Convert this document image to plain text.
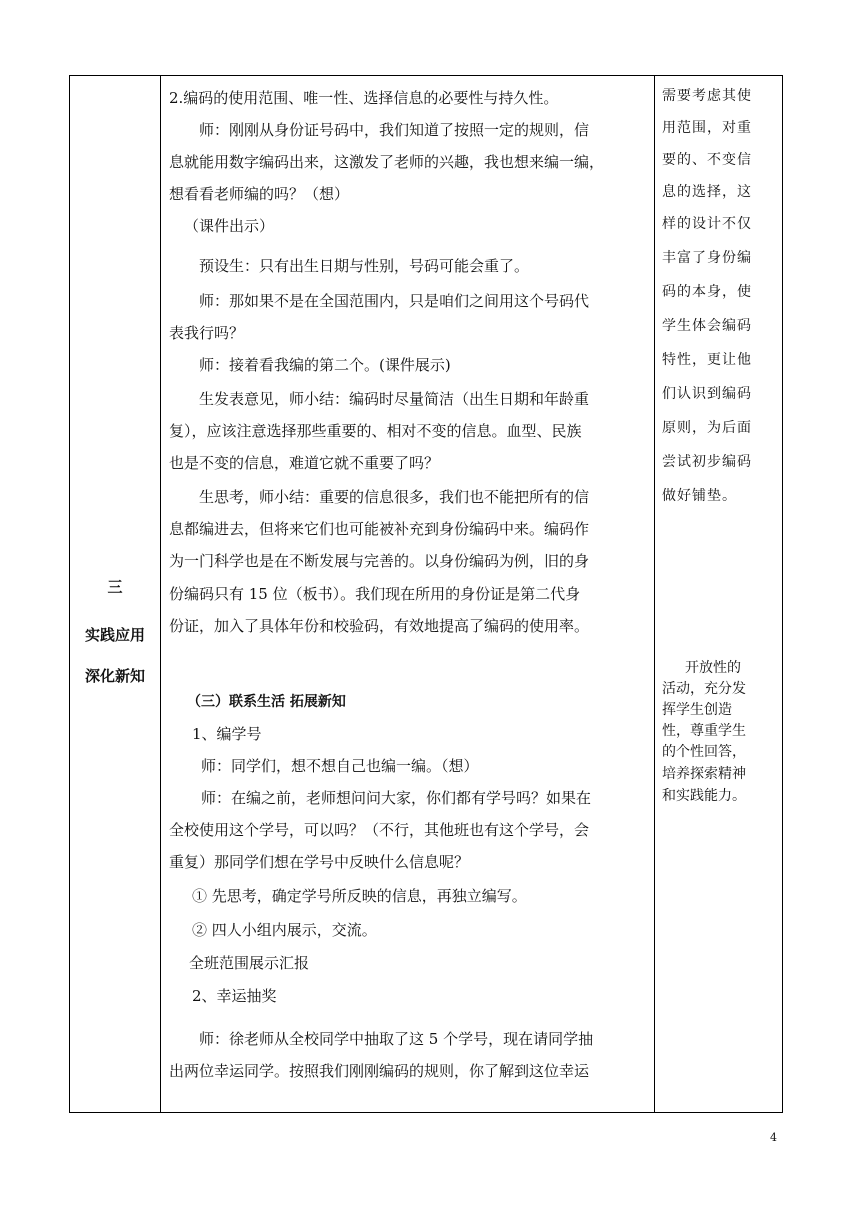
三
实践应用
深化新知
2.编码的使用范围、唯一性、选择信息的必要性与持久性。
师：刚刚从身份证号码中，我们知道了按照一定的规则，信
息就能用数字编码出来，这激发了老师的兴趣，我也想来编一编，
想看看老师编的吗？（想）
（课件出示）
预设生：只有出生日期与性别，号码可能会重了。
师：那如果不是在全国范围内，只是咱们之间用这个号码代
表我行吗？
师：接着看我编的第二个。(课件展示)
生发表意见，师小结：编码时尽量简洁（出生日期和年龄重
复），应该注意选择那些重要的、相对不变的信息。血型、民族
也是不变的信息，难道它就不重要了吗？
生思考，师小结：重要的信息很多，我们也不能把所有的信
息都编进去，但将来它们也可能被补充到身份编码中来。编码作
为一门科学也是在不断发展与完善的。以身份编码为例，旧的身
份编码只有 15 位（板书）。我们现在所用的身份证是第二代身
份证，加入了具体年份和校验码，有效地提高了编码的使用率。
（三）联系生活 拓展新知
1、编学号
师：同学们，想不想自己也编一编。（想）
师：在编之前，老师想问问大家，你们都有学号吗？如果在
全校使用这个学号，可以吗？（不行，其他班也有这个学号，会
重复）那同学们想在学号中反映什么信息呢？
① 先思考，确定学号所反映的信息，再独立编写。
② 四人小组内展示，交流。
全班范围展示汇报
2、幸运抽奖
师：徐老师从全校同学中抽取了这 5 个学号，现在请同学抽
出两位幸运同学。按照我们刚刚编码的规则，你了解到这位幸运
需要考虑其使
用范围，对重
要的、不变信
息的选择，这
样的设计不仅
丰富了身份编
码的本身，使
学生体会编码
特性，更让他
们认识到编码
原则，为后面
尝试初步编码
做好铺垫。
开放性的
活动，充分发
挥学生创造
性，尊重学生
的个性回答，
培养探索精神
和实践能力。
4
